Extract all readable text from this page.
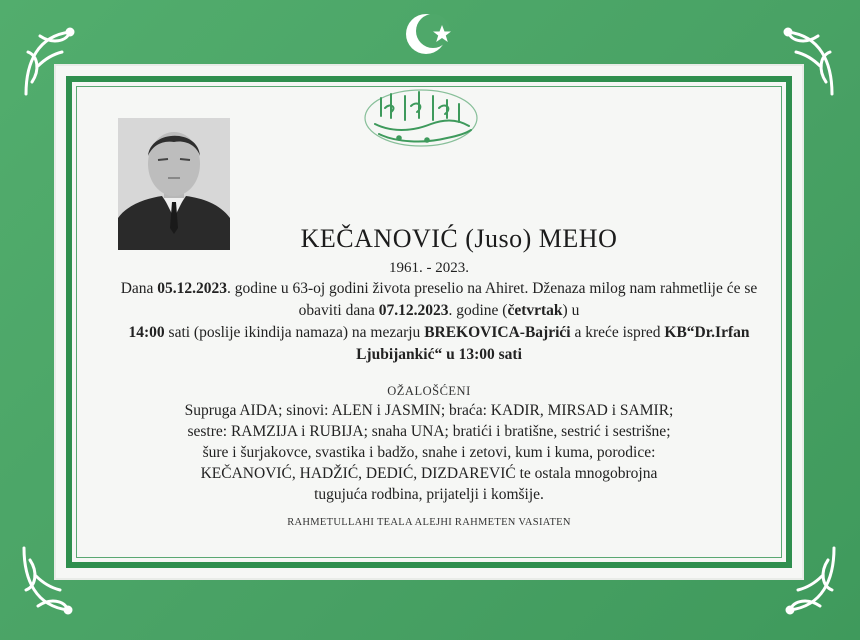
KEČANOVIĆ (Juso) MEHO
1961. - 2023.
Dana 05.12.2023. godine u 63-oj godini života preselio na Ahiret. Dženaza milog nam rahmetlije će se obaviti dana 07.12.2023. godine (četvrtak) u
14:00 sati (poslije ikindija namaza) na mezarju BREKOVICA-Bajrići a kreće ispred KB“Dr.Irfan Ljubijankić“ u 13:00 sati
OŽALOŠĆENI
Supruga AIDA; sinovi: ALEN i JASMIN; braća: KADIR, MIRSAD i SAMIR;
sestre: RAMZIJA i RUBIJA; snaha UNA; bratići i bratišne, sestrić i sestrišne;
šure i šurjakovce, svastika i badžo, snahe i zetovi, kum i kuma, porodice:
KEČANOVIĆ, HADŽIĆ, DEDIĆ, DIZDAREVIĆ te ostala mnogobrojna
tugujuća rodbina, prijatelji i komšije.
RAHMETULLAHI TEALA ALEJHI RAHMETEN VASIATEN
